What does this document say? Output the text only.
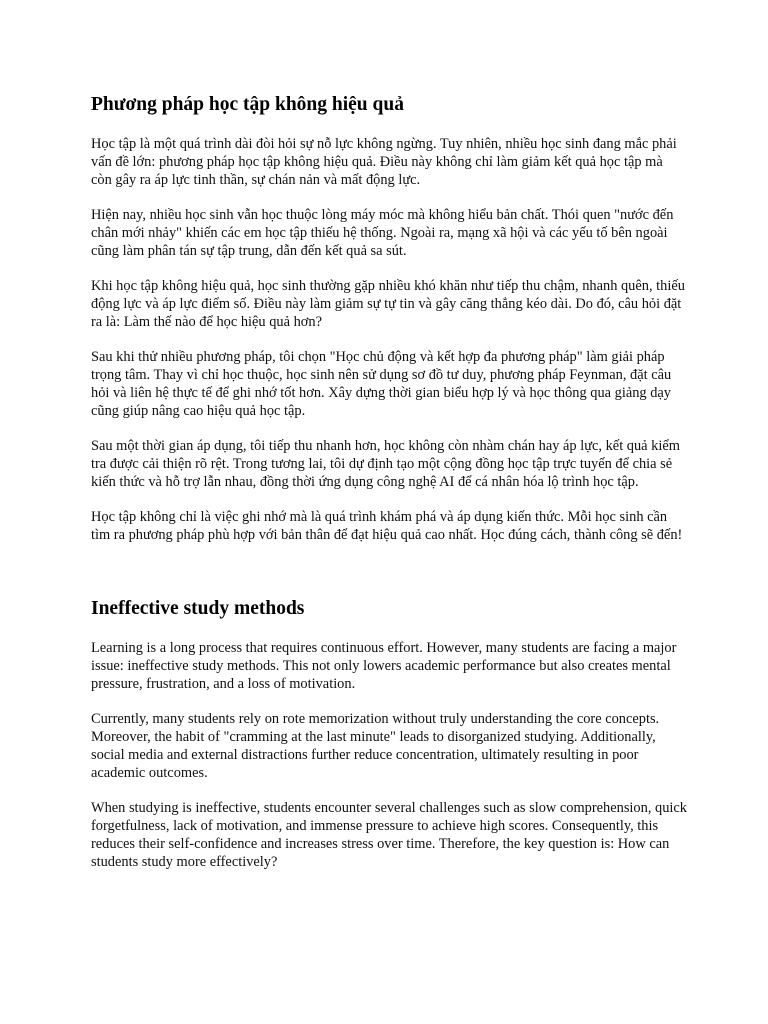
Phương pháp học tập không hiệu quả

Học tập là một quá trình dài đòi hỏi sự nỗ lực không ngừng. Tuy nhiên, nhiều học sinh đang mắc phải vấn đề lớn: phương pháp học tập không hiệu quả. Điều này không chỉ làm giảm kết quả học tập mà còn gây ra áp lực tinh thần, sự chán nản và mất động lực.

Hiện nay, nhiều học sinh vẫn học thuộc lòng máy móc mà không hiểu bản chất. Thói quen "nước đến chân mới nhảy" khiến các em học tập thiếu hệ thống. Ngoài ra, mạng xã hội và các yếu tố bên ngoài cũng làm phân tán sự tập trung, dẫn đến kết quả sa sút.

Khi học tập không hiệu quả, học sinh thường gặp nhiều khó khăn như tiếp thu chậm, nhanh quên, thiếu động lực và áp lực điểm số. Điều này làm giảm sự tự tin và gây căng thẳng kéo dài. Do đó, câu hỏi đặt ra là: Làm thế nào để học hiệu quả hơn?

Sau khi thử nhiều phương pháp, tôi chọn "Học chủ động và kết hợp đa phương pháp" làm giải pháp trọng tâm. Thay vì chỉ học thuộc, học sinh nên sử dụng sơ đồ tư duy, phương pháp Feynman, đặt câu hỏi và liên hệ thực tế để ghi nhớ tốt hơn. Xây dựng thời gian biểu hợp lý và học thông qua giảng dạy cũng giúp nâng cao hiệu quả học tập.

Sau một thời gian áp dụng, tôi tiếp thu nhanh hơn, học không còn nhàm chán hay áp lực, kết quả kiểm tra được cải thiện rõ rệt. Trong tương lai, tôi dự định tạo một cộng đồng học tập trực tuyến để chia sẻ kiến thức và hỗ trợ lẫn nhau, đồng thời ứng dụng công nghệ AI để cá nhân hóa lộ trình học tập.

Học tập không chỉ là việc ghi nhớ mà là quá trình khám phá và áp dụng kiến thức. Mỗi học sinh cần tìm ra phương pháp phù hợp với bản thân để đạt hiệu quả cao nhất. Học đúng cách, thành công sẽ đến!

Ineffective study methods

Learning is a long process that requires continuous effort. However, many students are facing a major issue: ineffective study methods. This not only lowers academic performance but also creates mental pressure, frustration, and a loss of motivation.

Currently, many students rely on rote memorization without truly understanding the core concepts. Moreover, the habit of "cramming at the last minute" leads to disorganized studying. Additionally, social media and external distractions further reduce concentration, ultimately resulting in poor academic outcomes.

When studying is ineffective, students encounter several challenges such as slow comprehension, quick forgetfulness, lack of motivation, and immense pressure to achieve high scores. Consequently, this reduces their self-confidence and increases stress over time. Therefore, the key question is: How can students study more effectively?
